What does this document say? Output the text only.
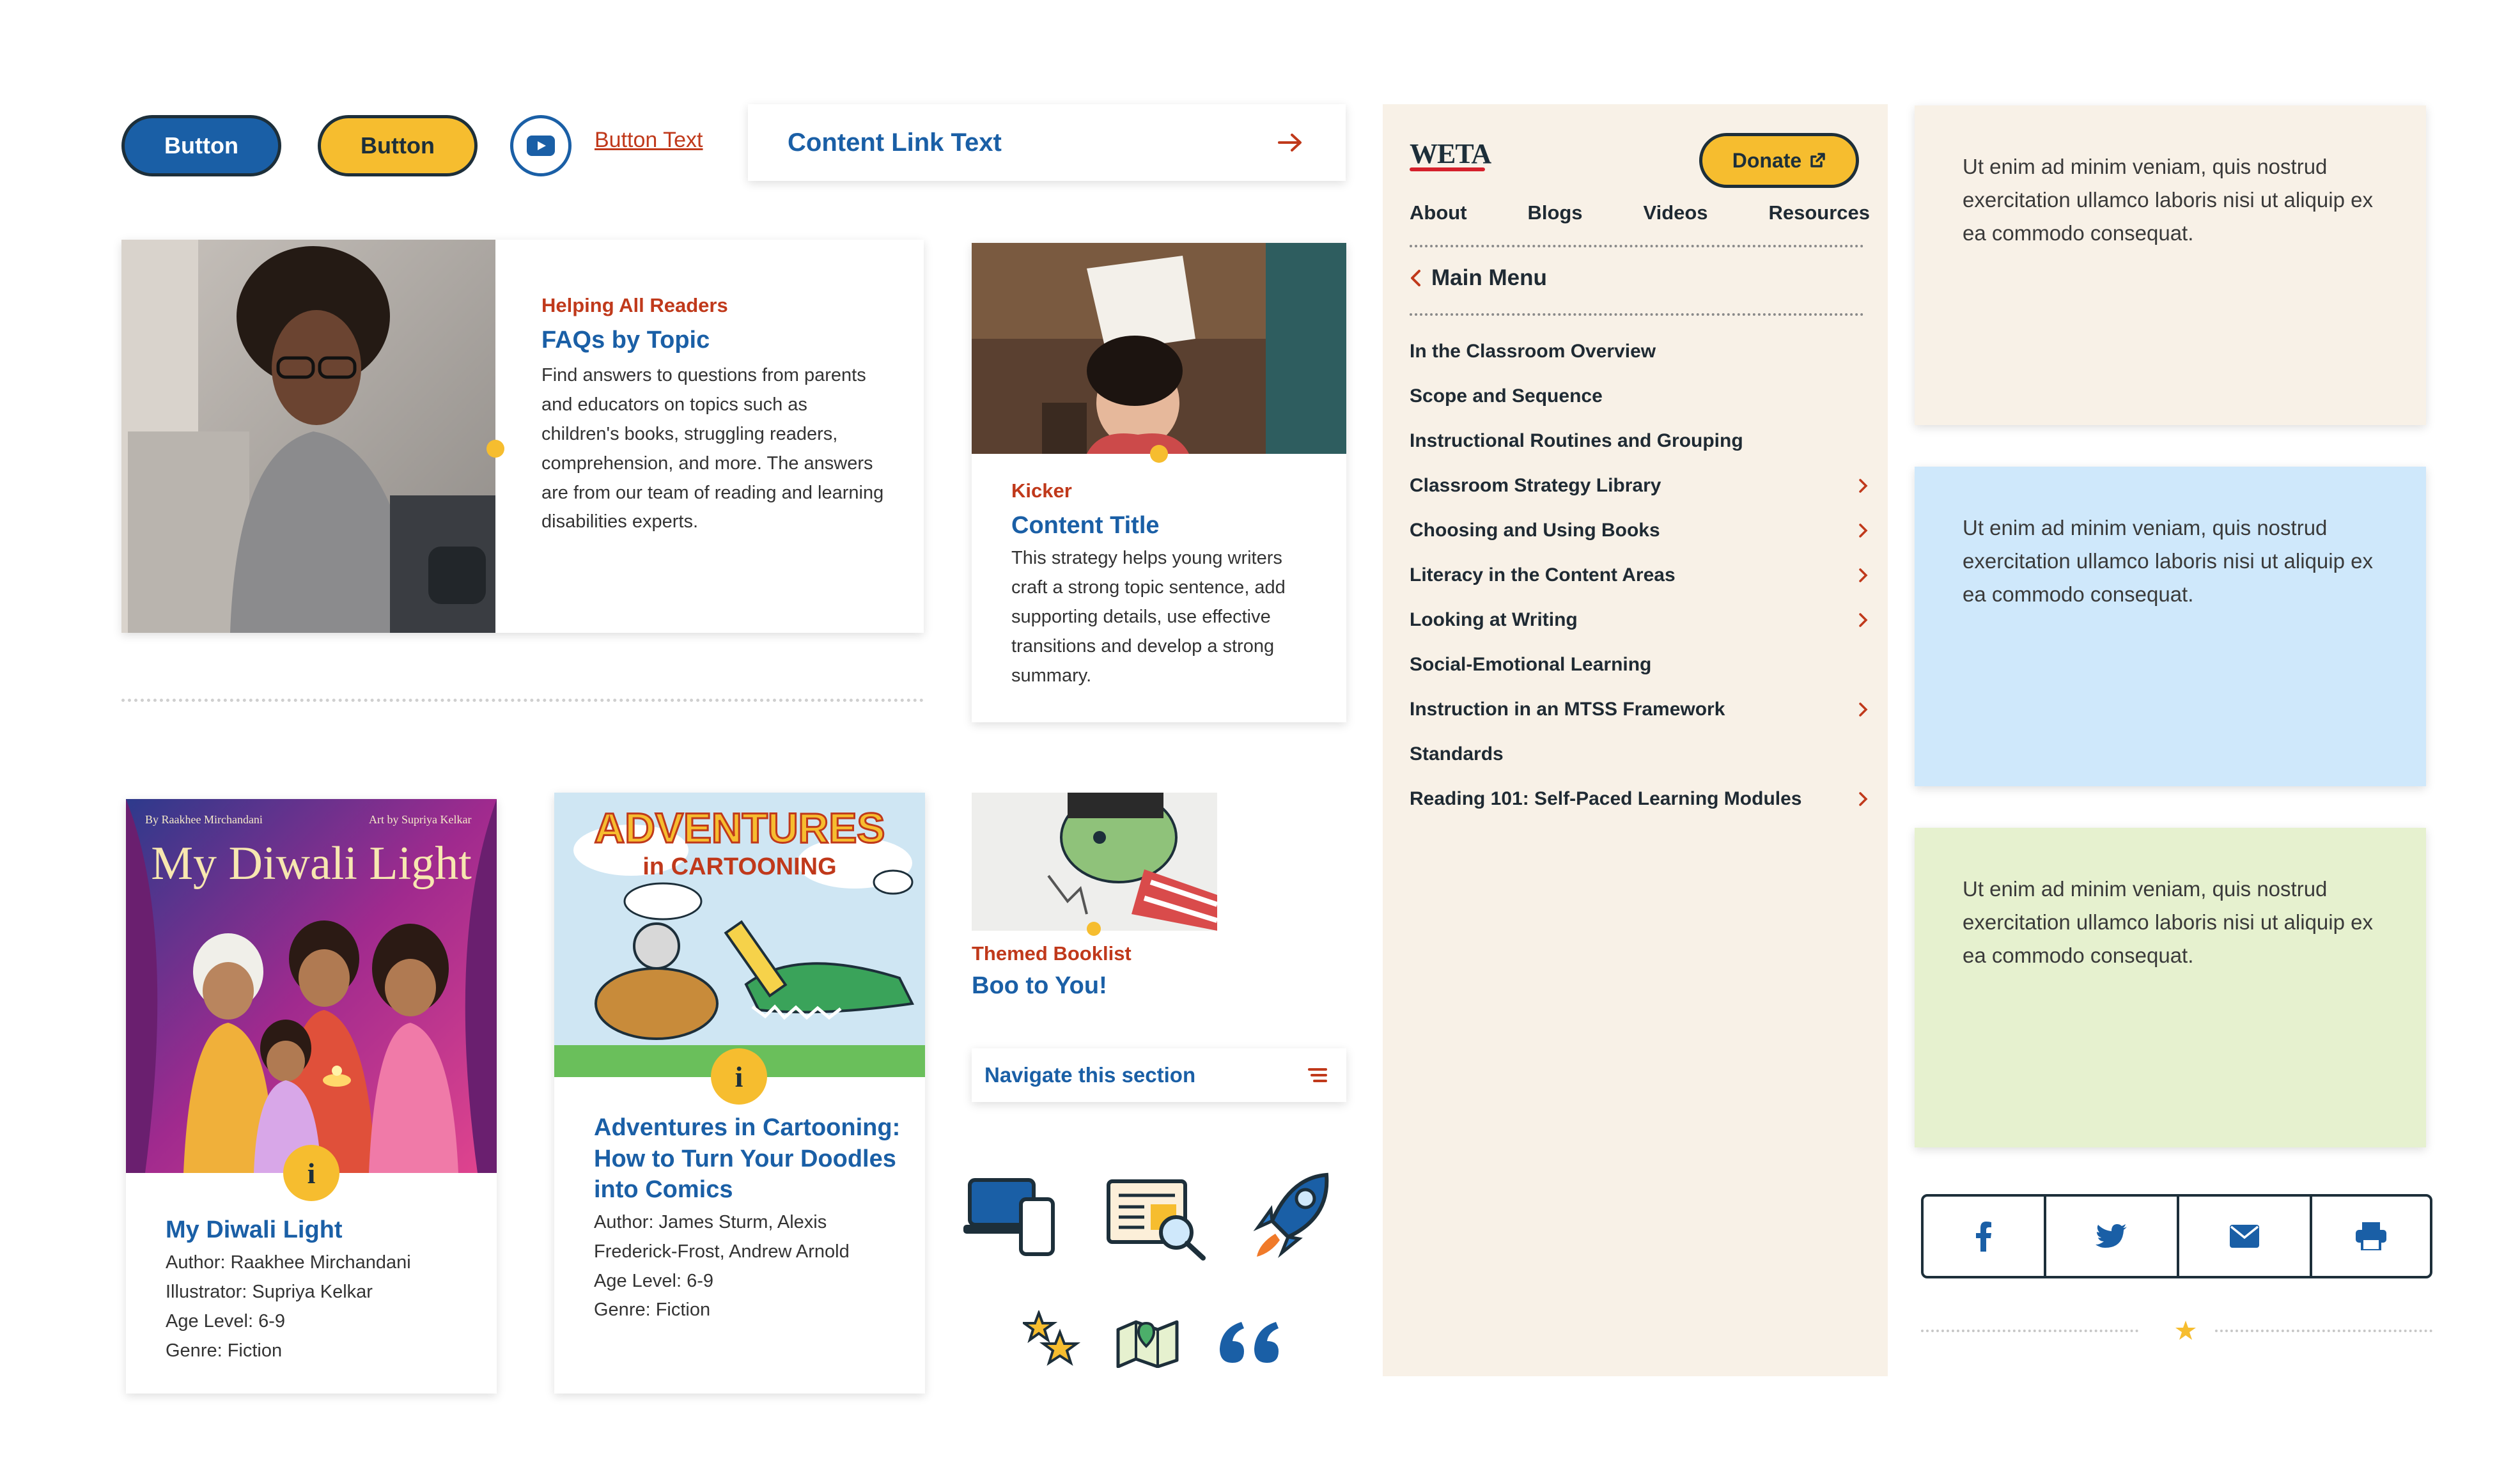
Button	Button	Button Text	Content Link Text
Helping All Readers
FAQs by Topic
Find answers to questions from parents and educators on topics such as children's books, struggling readers, comprehension, and more. The answers are from our team of reading and learning disabilities experts.
Kicker
Content Title
This strategy helps young writers craft a strong topic sentence, add supporting details, use effective transitions and develop a strong summary.
By Raakhee Mirchandani	Art by Supriya Kelkar
My Diwali Light
i
My Diwali Light
Author: Raakhee Mirchandani
Illustrator: Supriya Kelkar
Age Level: 6-9
Genre: Fiction
ADVENTURES
in CARTOONING
i
Adventures in Cartooning: How to Turn Your Doodles into Comics
Author: James Sturm, Alexis Frederick-Frost, Andrew Arnold
Age Level: 6-9
Genre: Fiction
Themed Booklist
Boo to You!
Navigate this section
WETA	Donate
About	Blogs	Videos	Resources
Main Menu
In the Classroom Overview
Scope and Sequence
Instructional Routines and Grouping
Classroom Strategy Library
Choosing and Using Books
Literacy in the Content Areas
Looking at Writing
Social-Emotional Learning
Instruction in an MTSS Framework
Standards
Reading 101: Self-Paced Learning Modules
Ut enim ad minim veniam, quis nostrud exercitation ullamco laboris nisi ut aliquip ex ea commodo consequat.
Ut enim ad minim veniam, quis nostrud exercitation ullamco laboris nisi ut aliquip ex ea commodo consequat.
Ut enim ad minim veniam, quis nostrud exercitation ullamco laboris nisi ut aliquip ex ea commodo consequat.
